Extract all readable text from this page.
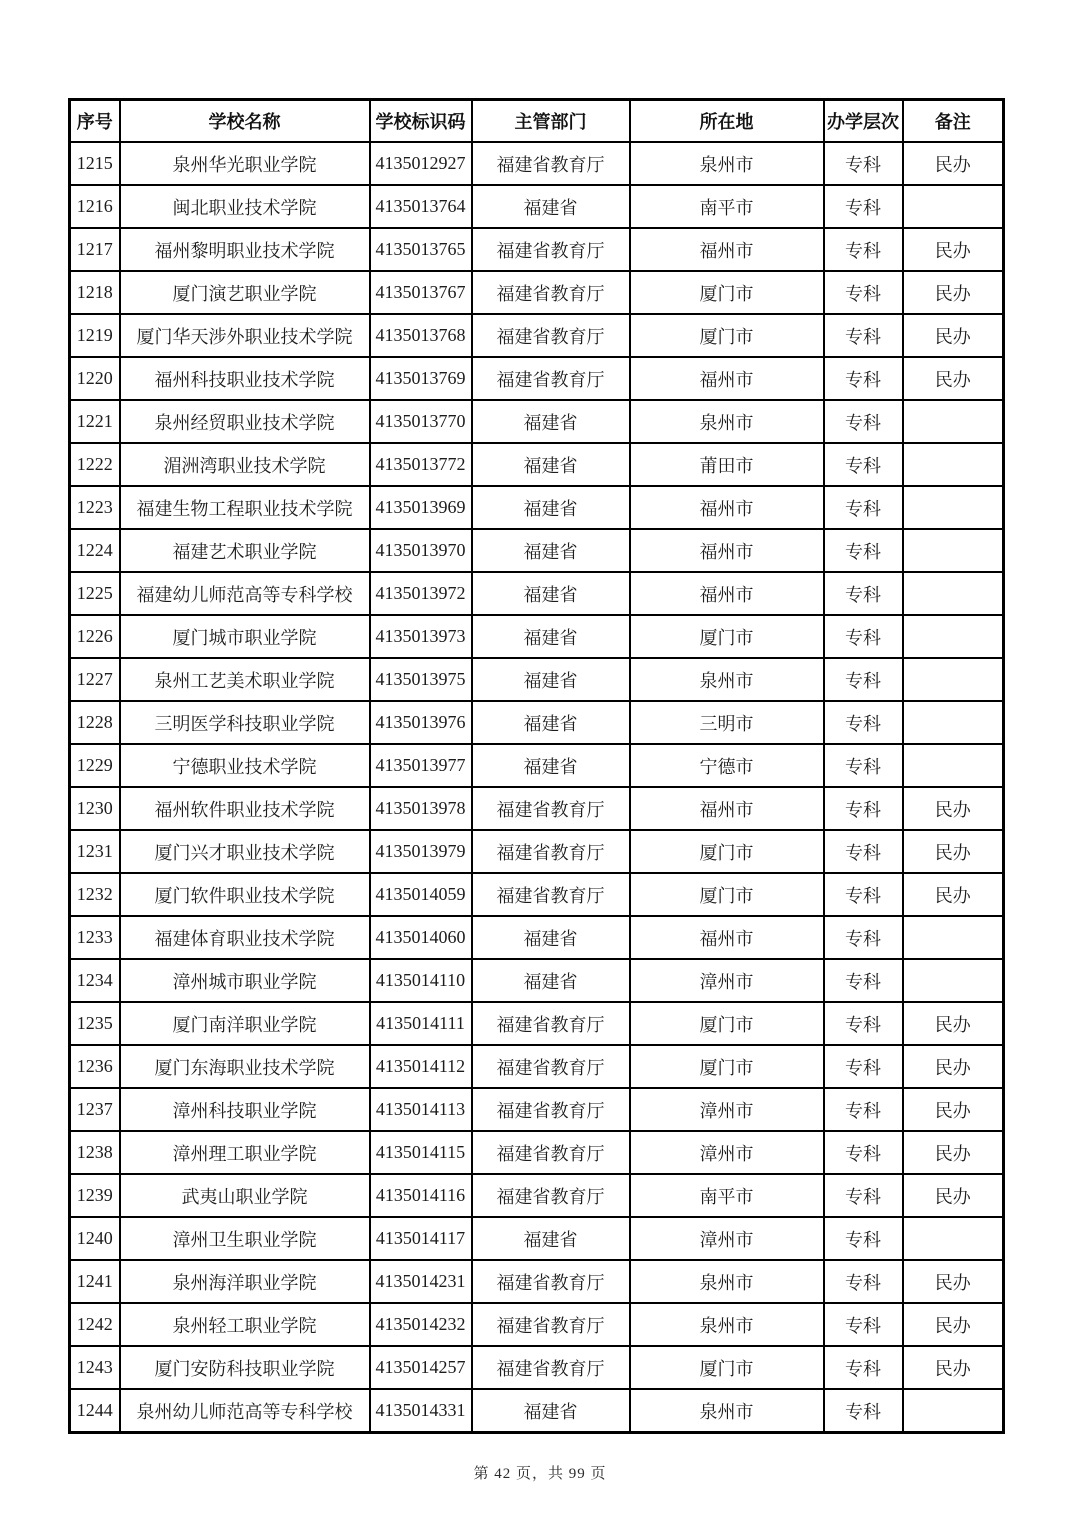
序号	学校名称	学校标识码	主管部门	所在地	办学层次	备注
1215	泉州华光职业学院	4135012927	福建省教育厅	泉州市	专科	民办
1216	闽北职业技术学院	4135013764	福建省	南平市	专科	
1217	福州黎明职业技术学院	4135013765	福建省教育厅	福州市	专科	民办
1218	厦门演艺职业学院	4135013767	福建省教育厅	厦门市	专科	民办
1219	厦门华天涉外职业技术学院	4135013768	福建省教育厅	厦门市	专科	民办
1220	福州科技职业技术学院	4135013769	福建省教育厅	福州市	专科	民办
1221	泉州经贸职业技术学院	4135013770	福建省	泉州市	专科	
1222	湄洲湾职业技术学院	4135013772	福建省	莆田市	专科	
1223	福建生物工程职业技术学院	4135013969	福建省	福州市	专科	
1224	福建艺术职业学院	4135013970	福建省	福州市	专科	
1225	福建幼儿师范高等专科学校	4135013972	福建省	福州市	专科	
1226	厦门城市职业学院	4135013973	福建省	厦门市	专科	
1227	泉州工艺美术职业学院	4135013975	福建省	泉州市	专科	
1228	三明医学科技职业学院	4135013976	福建省	三明市	专科	
1229	宁德职业技术学院	4135013977	福建省	宁德市	专科	
1230	福州软件职业技术学院	4135013978	福建省教育厅	福州市	专科	民办
1231	厦门兴才职业技术学院	4135013979	福建省教育厅	厦门市	专科	民办
1232	厦门软件职业技术学院	4135014059	福建省教育厅	厦门市	专科	民办
1233	福建体育职业技术学院	4135014060	福建省	福州市	专科	
1234	漳州城市职业学院	4135014110	福建省	漳州市	专科	
1235	厦门南洋职业学院	4135014111	福建省教育厅	厦门市	专科	民办
1236	厦门东海职业技术学院	4135014112	福建省教育厅	厦门市	专科	民办
1237	漳州科技职业学院	4135014113	福建省教育厅	漳州市	专科	民办
1238	漳州理工职业学院	4135014115	福建省教育厅	漳州市	专科	民办
1239	武夷山职业学院	4135014116	福建省教育厅	南平市	专科	民办
1240	漳州卫生职业学院	4135014117	福建省	漳州市	专科	
1241	泉州海洋职业学院	4135014231	福建省教育厅	泉州市	专科	民办
1242	泉州轻工职业学院	4135014232	福建省教育厅	泉州市	专科	民办
1243	厦门安防科技职业学院	4135014257	福建省教育厅	厦门市	专科	民办
1244	泉州幼儿师范高等专科学校	4135014331	福建省	泉州市	专科	
第 42 页，共 99 页
